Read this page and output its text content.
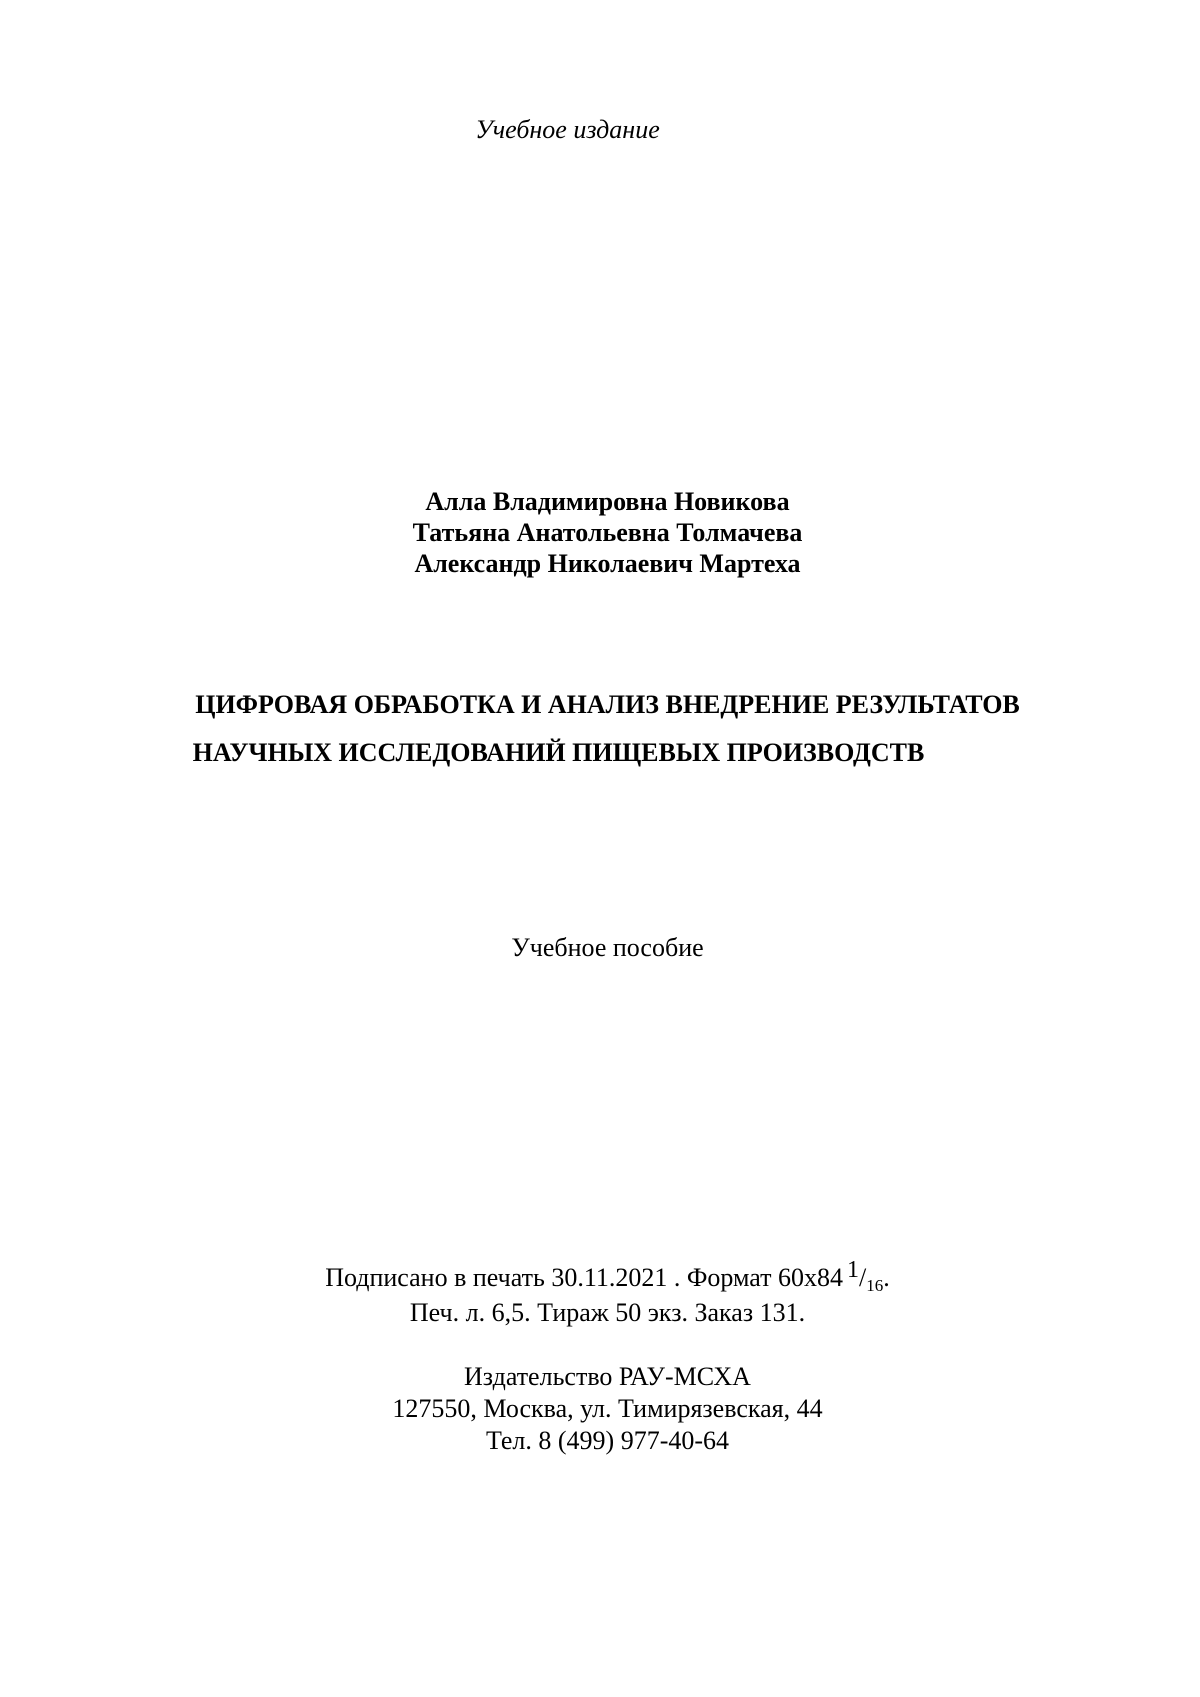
Учебное издание
Алла Владимировна Новикова
Татьяна Анатольевна Толмачева
Александр Николаевич Мартеха
ЦИФРОВАЯ ОБРАБОТКА И АНАЛИЗ ВНЕДРЕНИЕ РЕЗУЛЬТАТОВ
НАУЧНЫХ ИССЛЕДОВАНИЙ ПИЩЕВЫХ ПРОИЗВОДСТВ
Учебное пособие
Подписано в печать 30.11.2021 . Формат 60x84 1/16.
Печ. л. 6,5. Тираж 50 экз. Заказ 131.
Издательство РАУ-МСХА
127550, Москва, ул. Тимирязевская, 44
Тел. 8 (499) 977-40-64
